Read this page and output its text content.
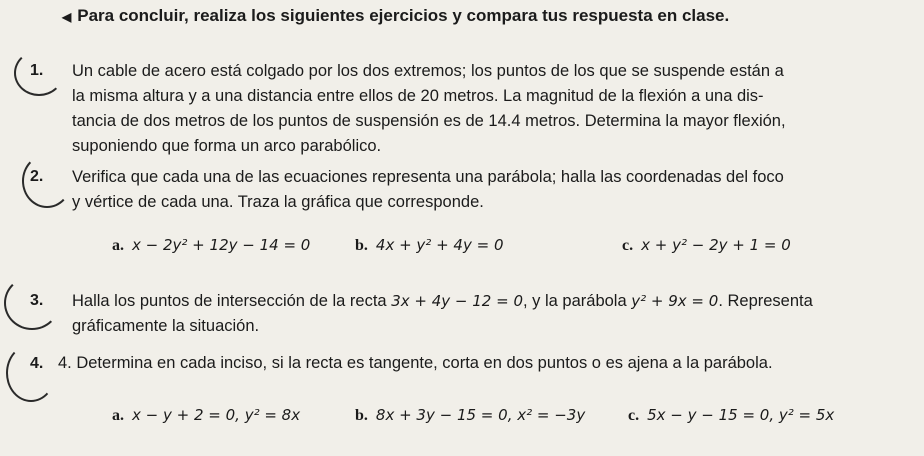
◀ Para concluir, realiza los siguientes ejercicios y compara tus respuesta en clase.
1. Un cable de acero está colgado por los dos extremos; los puntos de los que se suspende están a
la misma altura y a una distancia entre ellos de 20 metros. La magnitud de la flexión a una dis-
tancia de dos metros de los puntos de suspensión es de 14.4 metros. Determina la mayor flexión,
suponiendo que forma un arco parabólico.
2. Verifica que cada una de las ecuaciones representa una parábola; halla las coordenadas del foco
y vértice de cada una. Traza la gráfica que corresponde.
a. x − 2y² + 12y − 14 = 0	b. 4x + y² + 4y = 0	c. x + y² − 2y + 1 = 0
3. Halla los puntos de intersección de la recta 3x + 4y − 12 = 0, y la parábola y² + 9x = 0. Representa
gráficamente la situación.
4. 4. Determina en cada inciso, si la recta es tangente, corta en dos puntos o es ajena a la parábola.
a. x − y + 2 = 0, y² = 8x	b. 8x + 3y − 15 = 0, x² = −3y	c. 5x − y − 15 = 0, y² = 5x
